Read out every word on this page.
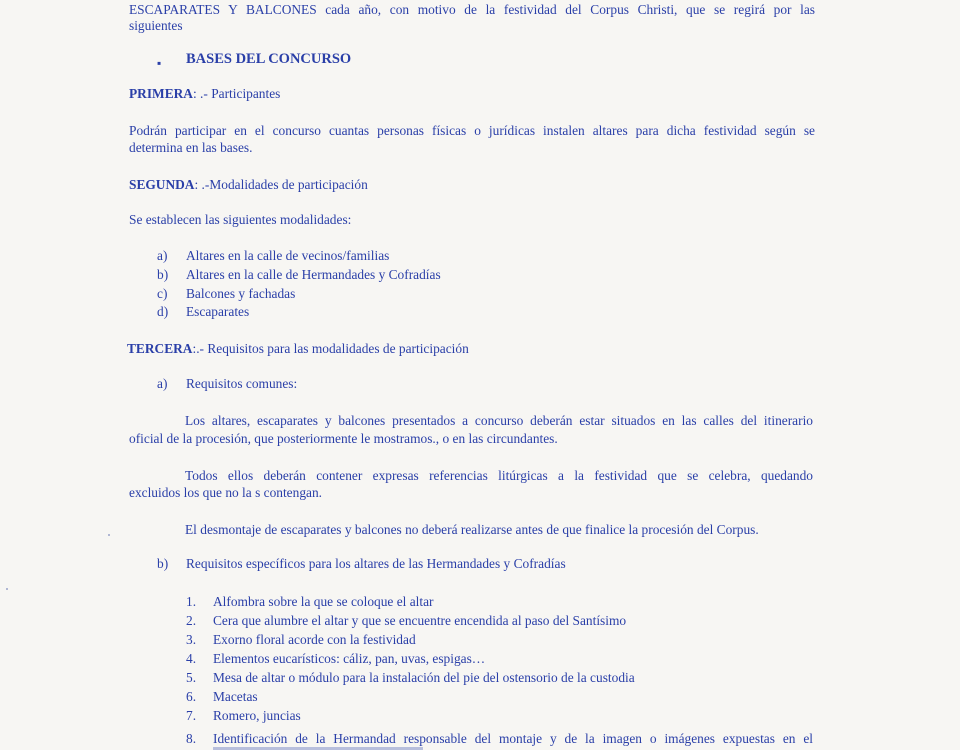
ESCAPARATES Y BALCONES cada año, con motivo de la festividad del Corpus Christi, que se regirá por las

siguientes

▪ BASES DEL CONCURSO

PRIMERA: .- Participantes

Podrán participar en el concurso cuantas personas físicas o jurídicas instalen altares para dicha festividad según se

determina en las bases.

SEGUNDA: .-Modalidades de participación

Se establecen las siguientes modalidades:

a) Altares en la calle de vecinos/familias
b) Altares en la calle de Hermandades y Cofradías
c) Balcones y fachadas
d) Escaparates

TERCERA:.- Requisitos para las modalidades de participación

a) Requisitos comunes:

Los altares, escaparates y balcones presentados a concurso deberán estar situados en las calles del itinerario

oficial de la procesión, que posteriormente le mostramos., o en las circundantes.

Todos ellos deberán contener expresas referencias litúrgicas a la festividad que se celebra, quedando

excluidos los que no la s contengan.

El desmontaje de escaparates y balcones no deberá realizarse antes de que finalice la procesión del Corpus.

b) Requisitos específicos para los altares de las Hermandades y Cofradías
1. Alfombra sobre la que se coloque el altar
2. Cera que alumbre el altar y que se encuentre encendida al paso del Santísimo
3. Exorno floral acorde con la festividad
4. Elementos eucarísticos: cáliz, pan, uvas, espigas…
5. Mesa de altar o módulo para la instalación del pie del ostensorio de la custodia
6. Macetas
7. Romero, juncias
8. Identificación de la Hermandad responsable del montaje y de la imagen o imágenes expuestas en el
